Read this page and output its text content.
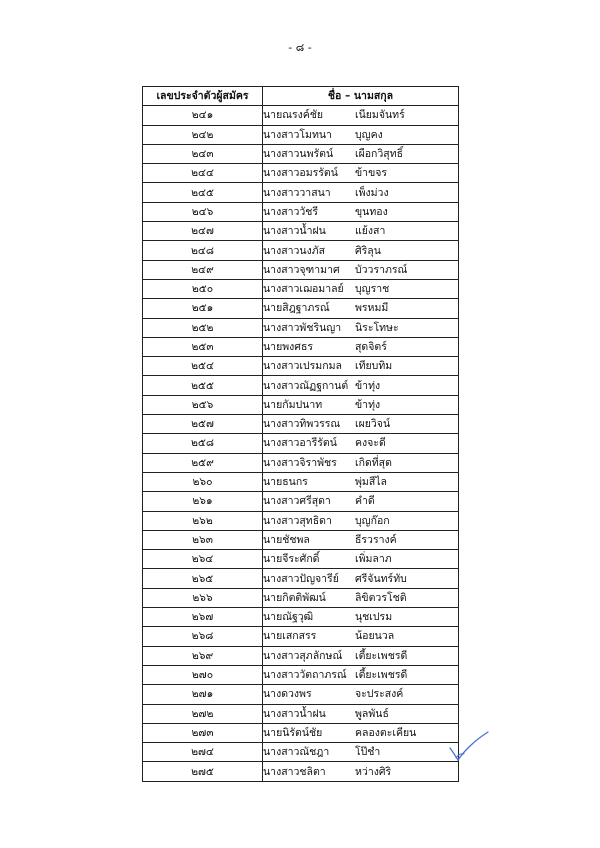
- ๘ -
เลขประจำตัวผู้สมัคร	ชื่อ – นามสกุล
๒๔๑	นายณรงค์ชัย เนียมจันทร์
๒๔๒	นางสาวโมทนา บุญคง
๒๔๓	นางสาวนพรัตน์ เผือกวิสุทธิ์
๒๔๔	นางสาวอมรรัตน์ ข้าขจร
๒๔๕	นางสาววาสนา เพ็งม่วง
๒๔๖	นางสาววัชรี ขุนทอง
๒๔๗	นางสาวน้ำฝน แย้งสา
๒๔๘	นางสาวนงภัส ศิริลุน
๒๔๙	นางสาวจุฑามาศ บัววราภรณ์
๒๕๐	นางสาวเฌอมาลย์ บุญราช
๒๕๑	นายสิฎฐาภรณ์ พรหมมี
๒๕๒	นางสาวพัชรินญา นิระโทษะ
๒๕๓	นายพงศธร สุดจิตร์
๒๕๔	นางสาวเปรมกมล เทียบทิม
๒๕๕	นางสาวณัฏฐกานต์ ข้าทุ่ง
๒๕๖	นายกัมปนาท ข้าทุ่ง
๒๕๗	นางสาวทิพวรรณ เผยวิจน์
๒๕๘	นางสาวอารีรัตน์ คงจะดี
๒๕๙	นางสาวจิราพัชร เกิดที่สุด
๒๖๐	นายธนกร พุ่มสีไล
๒๖๑	นางสาวศรีสุดา คำดี
๒๖๒	นางสาวสุทธิดา บุญก๊อก
๒๖๓	นายชัชพล ธีรวรางค์
๒๖๔	นายจีระศักดิ์ เพิ่มลาภ
๒๖๕	นางสาวปัญจารีย์ ศรีจันทร์ทับ
๒๖๖	นายกิตติพัฒน์ ลิขิตวรโชติ
๒๖๗	นายณัฐวุฒิ นุชเปรม
๒๖๘	นายเสกสรร น้อยนวล
๒๖๙	นางสาวสุภลักษณ์ เตี้ยะเพชรดี
๒๗๐	นางสาววัตถาภรณ์ เตี้ยะเพชรดี
๒๗๑	นางดวงพร จะประสงค์
๒๗๒	นางสาวน้ำฝน พูลพันธ์
๒๗๓	นายนิรัตน์ชัย คลองตะเคียน
๒๗๔	นางสาวณัชฎา โป๊ชำ
๒๗๕	นางสาวชลิตา หว่างศิริ
